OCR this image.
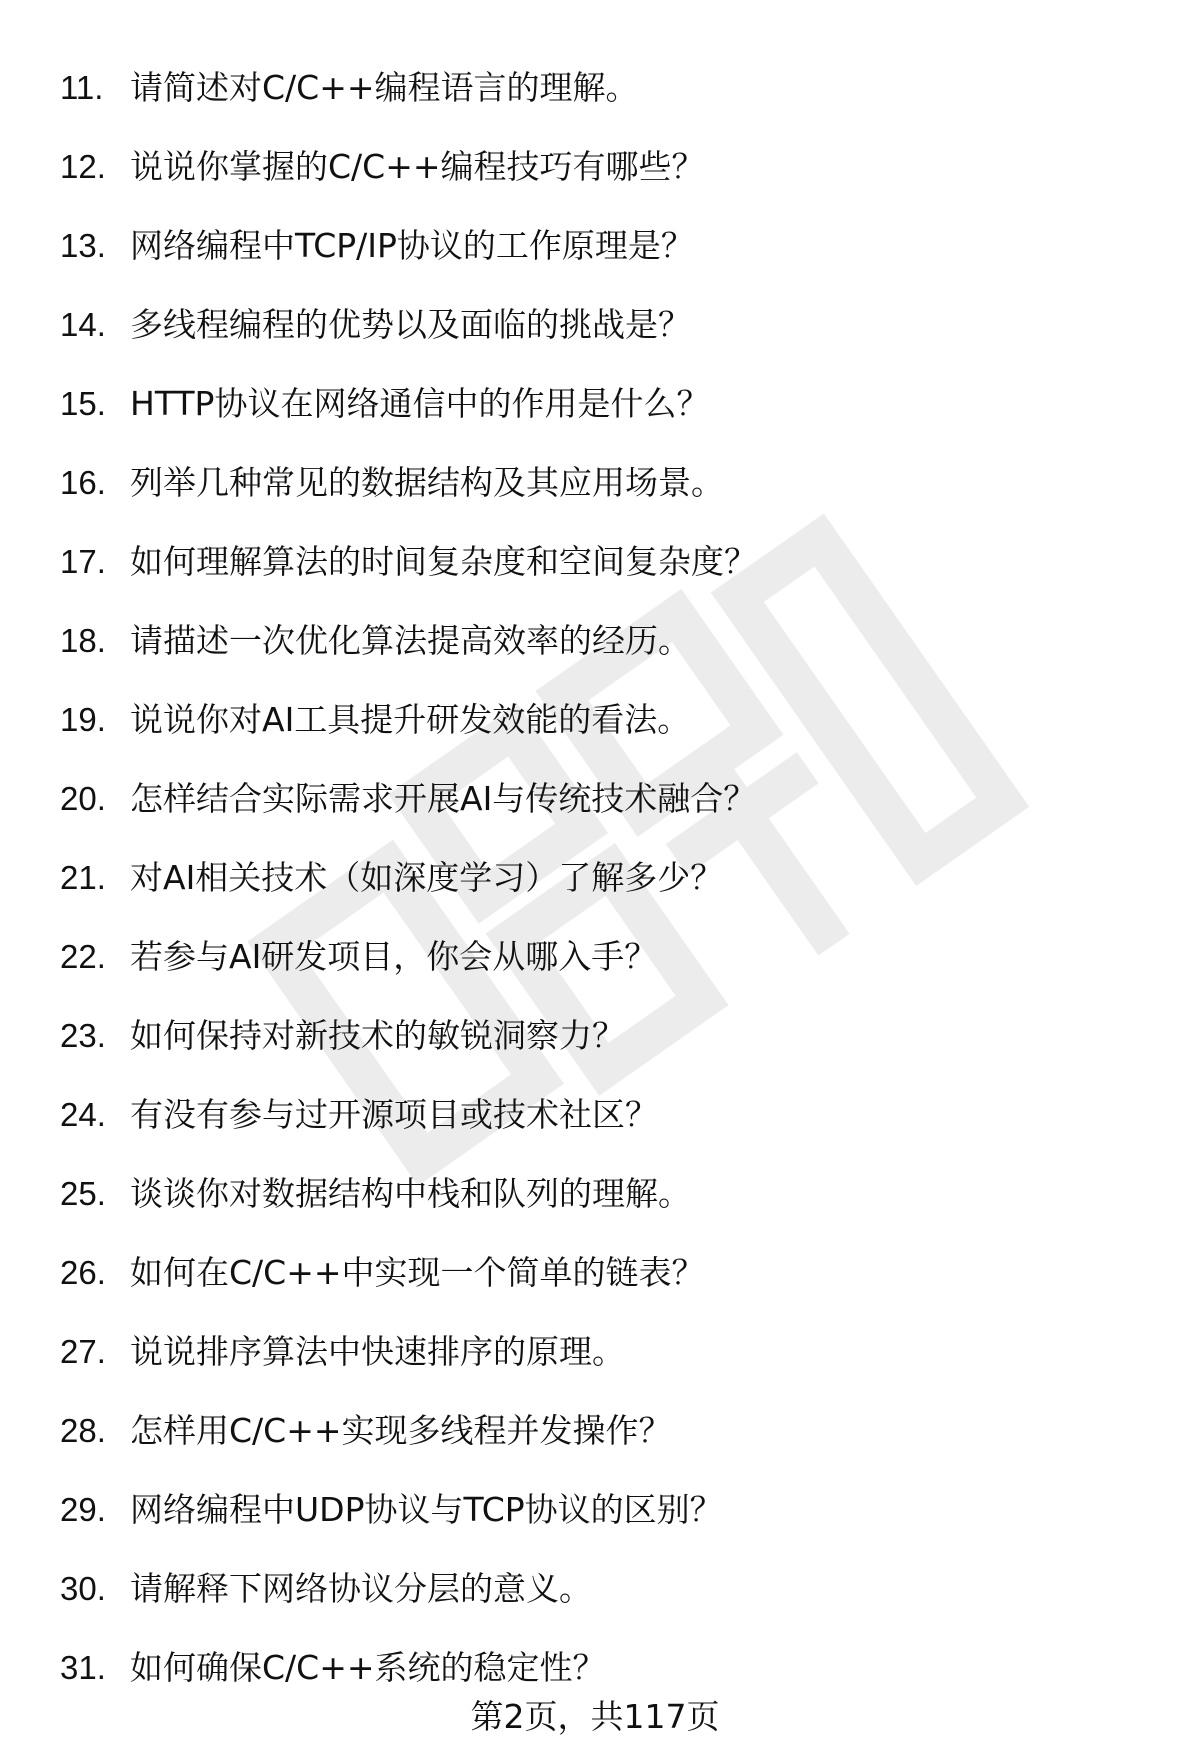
11. 请简述对C/C++编程语言的理解。
12. 说说你掌握的C/C++编程技巧有哪些？
13. 网络编程中TCP/IP协议的工作原理是？
14. 多线程编程的优势以及面临的挑战是？
15. HTTP协议在网络通信中的作用是什么？
16. 列举几种常见的数据结构及其应用场景。
17. 如何理解算法的时间复杂度和空间复杂度？
18. 请描述一次优化算法提高效率的经历。
19. 说说你对AI工具提升研发效能的看法。
20. 怎样结合实际需求开展AI与传统技术融合？
21. 对AI相关技术（如深度学习）了解多少？
22. 若参与AI研发项目，你会从哪入手？
23. 如何保持对新技术的敏锐洞察力？
24. 有没有参与过开源项目或技术社区？
25. 谈谈你对数据结构中栈和队列的理解。
26. 如何在C/C++中实现一个简单的链表？
27. 说说排序算法中快速排序的原理。
28. 怎样用C/C++实现多线程并发操作？
29. 网络编程中UDP协议与TCP协议的区别？
30. 请解释下网络协议分层的意义。
31. 如何确保C/C++系统的稳定性？
第2页，共117页
